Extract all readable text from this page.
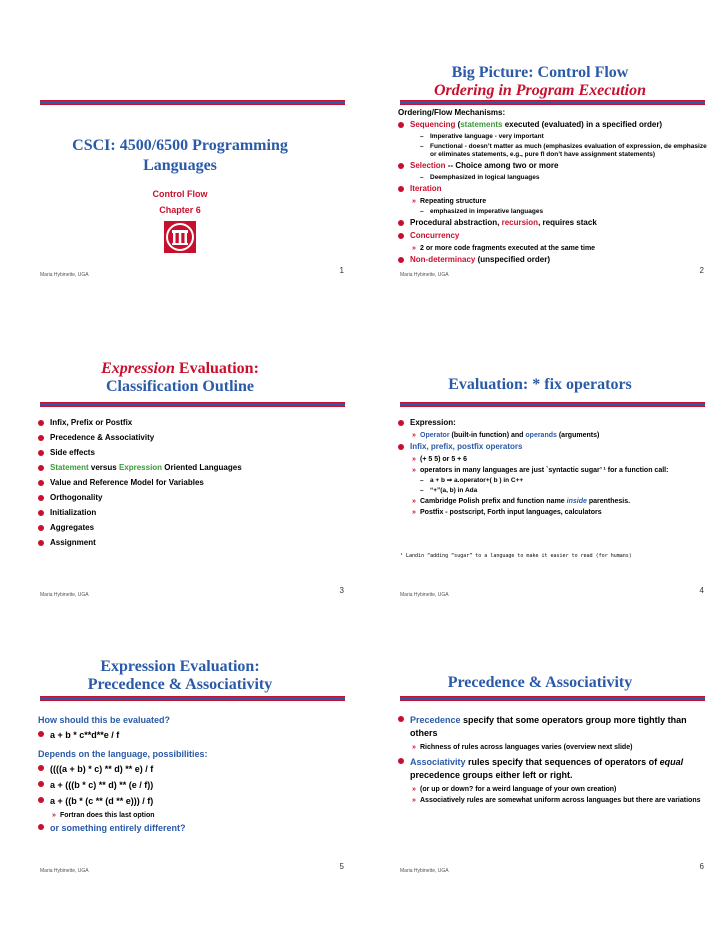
CSCI: 4500/6500 Programming
Languages
Control Flow
Chapter 6
Maria Hybinette, UGA	1
Big Picture: Control Flow
Ordering in Program Execution
Ordering/Flow Mechanisms:
Sequencing (statements executed (evaluated) in a specified order)
– Imperative language - very important
– Functional - doesn’t matter as much (emphasizes evaluation of expression, de emphasize or eliminates statements, e.g., pure fl don’t have assignment statements)
Selection -- Choice among two or more
– Deemphasized in logical languages
Iteration
» Repeating structure
– emphasized in imperative languages
Procedural abstraction, recursion, requires stack
Concurrency
» 2 or more code fragments executed at the same time
Non-determinacy (unspecified order)
Maria Hybinette, UGA	2
Expression Evaluation:
Classification Outline
Infix, Prefix or Postfix
Precedence & Associativity
Side effects
Statement versus Expression Oriented Languages
Value and Reference Model for Variables
Orthogonality
Initialization
Aggregates
Assignment
Maria Hybinette, UGA	3
Evaluation: * fix operators
Expression:
» Operator (built-in function) and operands (arguments)
Infix, prefix, postfix operators
» (+ 5 5) or 5 + 6
» operators in many languages are just `syntactic sugar’ ¹ for a function call:
– a + b ⇒ a.operator+( b ) in C++
– “+”(a, b) in Ada
» Cambridge Polish prefix and function name inside parenthesis.
» Postfix - postscript, Forth input languages, calculators
¹ Landin “adding “sugar” to a language to make it easier to read (for humans)
Maria Hybinette, UGA	4
Expression Evaluation:
Precedence & Associativity
How should this be evaluated?
a + b * c**d**e / f
Depends on the language, possibilities:
((((a + b) * c) ** d) ** e) / f
a + (((b * c) ** d) ** (e / f))
a + ((b * (c ** (d ** e))) / f)
» Fortran does this last option
or something entirely different?
Maria Hybinette, UGA	5
Precedence & Associativity
Precedence specify that some operators group more tightly than others
» Richness of rules across languages varies (overview next slide)
Associativity rules specify that sequences of operators of equal precedence groups either left or right.
» (or up or down? for a weird language of your own creation)
» Associatively rules are somewhat uniform across languages but there are variations
Maria Hybinette, UGA	6
